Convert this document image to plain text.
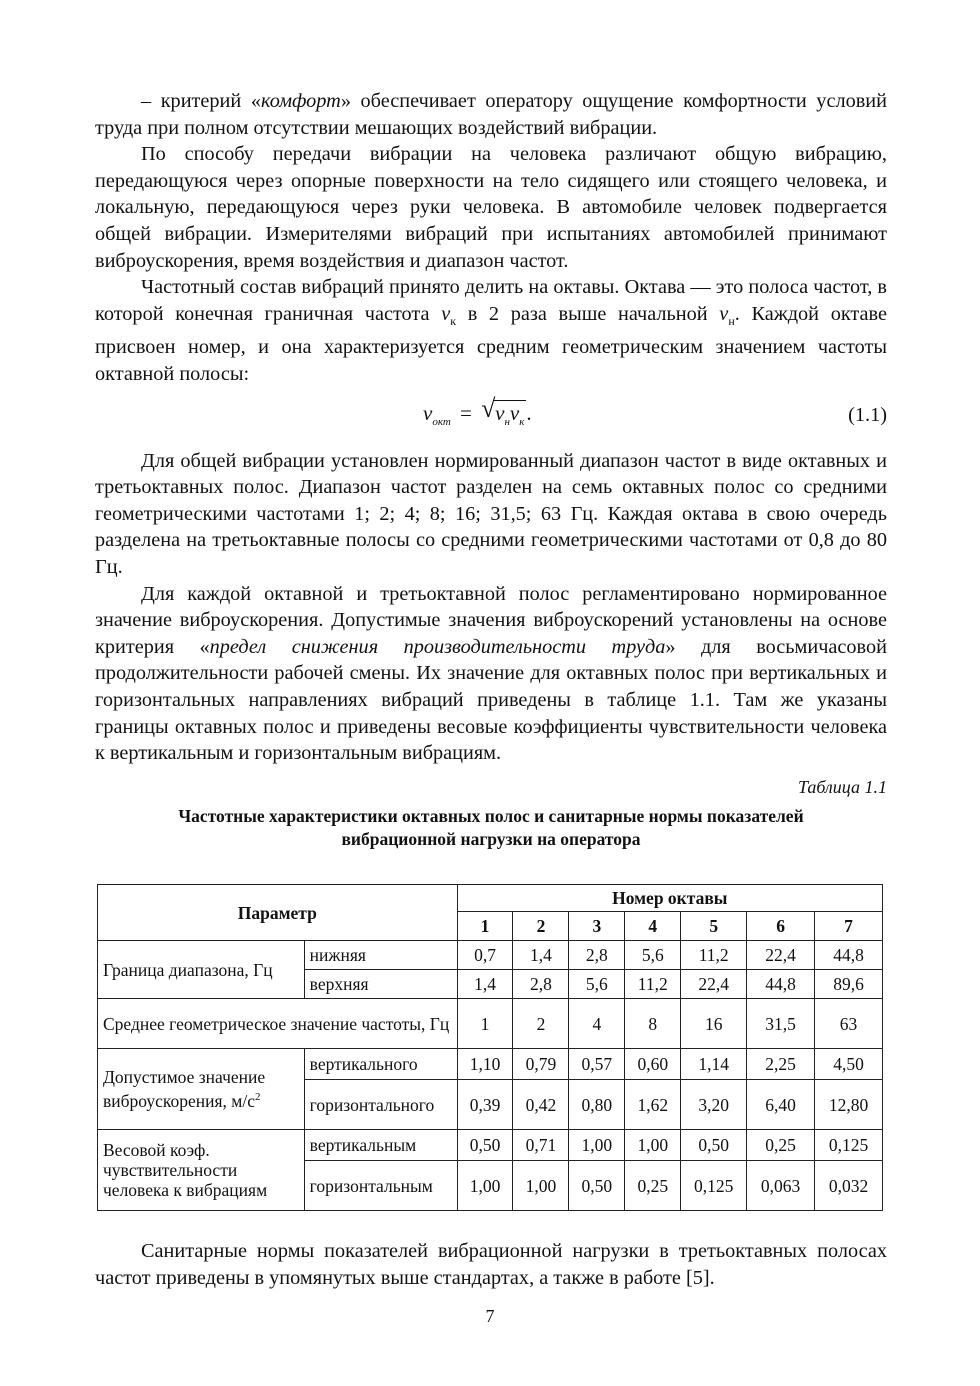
– критерий «комфорт» обеспечивает оператору ощущение комфортности условий труда при полном отсутствии мешающих воздействий вибрации.

По способу передачи вибрации на человека различают общую вибрацию, передающуюся через опорные поверхности на тело сидящего или стоящего человека, и локальную, передающуюся через руки человека. В автомобиле человек подвергается общей вибрации. Измерителями вибраций при испытаниях автомобилей принимают виброускорения, время воздействия и диапазон частот.

Частотный состав вибраций принято делить на октавы. Октава — это полоса частот, в которой конечная граничная частота $\nu_к$ в 2 раза выше начальной $\nu_н$. Каждой октаве присвоен номер, и она характеризуется средним геометрическим значением частоты октавной полосы:

$\nu_{окт}$ = √ $\nu_н\nu_к$.	(1.1)

Для общей вибрации установлен нормированный диапазон частот в виде октавных и третьоктавных полос. Диапазон частот разделен на семь октавных полос со средними геометрическими частотами 1; 2; 4; 8; 16; 31,5; 63 Гц. Каждая октава в свою очередь разделена на третьоктавные полосы со средними геометрическими частотами от 0,8 до 80 Гц.

Для каждой октавной и третьоктавной полос регламентировано нормированное значение виброускорения. Допустимые значения виброускорений установлены на основе критерия «предел снижения производительности труда» для восьмичасовой продолжительности рабочей смены. Их значение для октавных полос при вертикальных и горизонтальных направлениях вибраций приведены в таблице 1.1. Там же указаны границы октавных полос и приведены весовые коэффициенты чувствительности человека к вертикальным и горизонтальным вибрациям.

Таблица 1.1
Частотные характеристики октавных полос и санитарные нормы показателей
вибрационной нагрузки на оператора
Параметр		Номер октавы						
		1	2	3	4	5	6	7
Граница диапазона, Гц	нижняя	0,7	1,4	2,8	5,6	11,2	22,4	44,8
	верхняя	1,4	2,8	5,6	11,2	22,4	44,8	89,6
Среднее геометрическое значение частоты, Гц		1	2	4	8	16	31,5	63
Допустимое значение виброускорения, $м/с^2$	вертикального	1,10	0,79	0,57	0,60	1,14	2,25	4,50
	горизонтального	0,39	0,42	0,80	1,62	3,20	6,40	12,80
Весовой коэф. чувствительности человека к вибрациям	вертикальным	0,50	0,71	1,00	1,00	0,50	0,25	0,125
	горизонтальным	1,00	1,00	0,50	0,25	0,125	0,063	0,032

Санитарные нормы показателей вибрационной нагрузки в третьоктавных полосах частот приведены в упомянутых выше стандартах, а также в работе [5].

7
